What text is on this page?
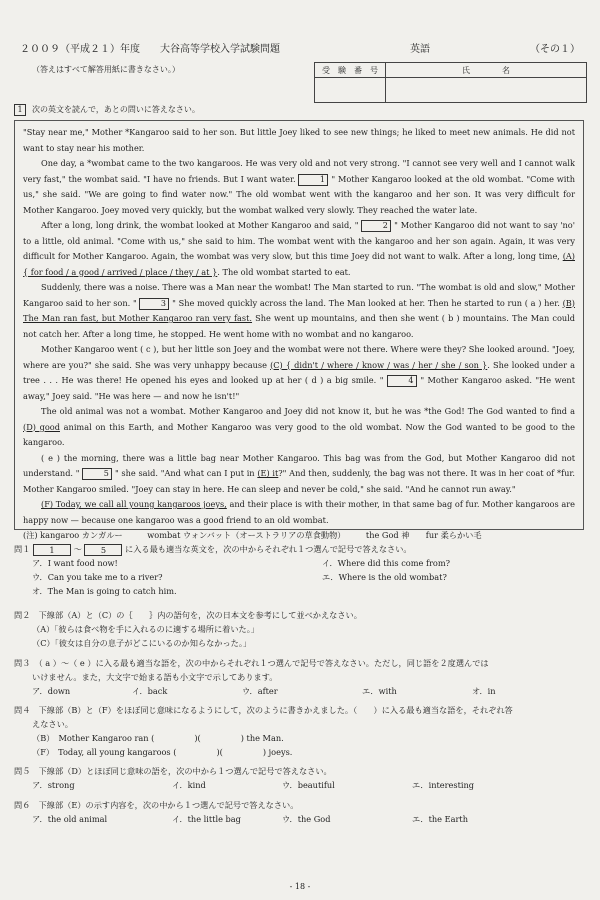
２００９（平成２１）年度 大谷高等学校入学試験問題	英語	（その１）
（答えはすべて解答用紙に書きなさい。）	受　験　番　号	氏　　　　名

1	次の英文を読んで，あとの問いに答えなさい。

"Stay near me," Mother *Kangaroo said to her son. But little Joey liked to see new things; he liked to meet new animals. He did not want to stay near his mother.

One day, a *wombat came to the two kangaroos. He was very old and not very strong. "I cannot see very well and I cannot walk very fast," the wombat said. "I have no friends. But I want water.	1 " Mother Kangaroo looked at the old wombat. "Come with us," she said. "We are going to find water now." The old wombat went with the kangaroo and her son. It was very difficult for Mother Kangaroo. Joey moved very quickly, but the wombat walked very slowly. They reached the water late.

After a long, long drink, the wombat looked at Mother Kangaroo and said, "	2 " Mother Kangaroo did not want to say 'no' to a little, old animal. "Come with us," she said to him. The wombat went with the kangaroo and her son again. Again, it was very difficult for Mother Kangaroo. Again, the wombat was very slow, but this time Joey did not want to walk. After a long, long time, (A) { for food / a good / arrived / place / they / at }. The old wombat started to eat.

Suddenly, there was a noise. There was a Man near the wombat! The Man started to run. "The wombat is old and slow," Mother Kangaroo said to her son. "	3 " She moved quickly across the land. The Man looked at her. Then he started to run ( a ) her. (B) The Man ran fast, but Mother Kangaroo ran very fast. She went up mountains, and then she went ( b ) mountains. The Man could not catch her. After a long time, he stopped. He went home with no wombat and no kangaroo.

Mother Kangaroo went ( c ), but her little son Joey and the wombat were not there. Where were they? She looked around. "Joey, where are you?" she said. She was very unhappy because (C) { didn't / where / know / was / her / she / son }. She looked under a tree . . . He was there! He opened his eyes and looked up at her ( d ) a big smile. "	4 " Mother Kangaroo asked. "He went away," Joey said. "He was here — and now he isn't!"

The old animal was not a wombat. Mother Kangaroo and Joey did not know it, but he was *the God! The God wanted to find a (D) good animal on this Earth, and Mother Kangaroo was very good to the old wombat. Now the God wanted to be good to the kangaroo.

( e ) the morning, there was a little bag near Mother Kangaroo. This bag was from the God, but Mother Kangaroo did not understand. "	5 " she said. "And what can I put in (E) it?" And then, suddenly, the bag was not there. It was in her coat of *fur. Mother Kangaroo smiled. "Joey can stay in here. He can sleep and never be cold," she said. "And he cannot run away."

(F) Today, we call all young kangaroos joeys, and their place is with their mother, in that same bag of fur. Mother kangaroos are happy now — because one kangaroo was a good friend to an old wombat.

(注) kangaroo カンガルー　　　wombat ウォンバット（オーストラリアの草食動物）　　　the God 神　　fur 柔らかい毛

問１ 1 〜 5 に入る最も適当な英文を，次の中からそれぞれ１つ選んで記号で答えなさい。
ア．I want food now!	イ．Where did this come from?
ウ．Can you take me to a river?	エ．Where is the old wombat?
オ．The Man is going to catch him.
問２　 下線部（A）と（C）の｛　　｝内の語句を，次の日本文を参考にして並べかえなさい。
（A）「彼らは食べ物を手に入れるのに適する場所に着いた。」
（C）「彼女は自分の息子がどこにいるのか知らなかった。」
問３　 （ a ）〜（ e ）に入る最も適当な語を，次の中からそれぞれ１つ選んで記号で答えなさい。ただし，同じ語を２度選んでは
いけません。また，大文字で始まる語も小文字で示してあります。
ア．down	イ．back	ウ．after	エ．with	オ．in
問４　 下線部（B）と（F）をほぼ同じ意味になるようにして，次のように書きかえました。（　　）に入る最も適当な語を，それぞれ答
えなさい。
（B）　Mother Kangaroo ran (	)(	) the Man.
（F）　Today, all young kangaroos (	)(	) joeys.
問５　 下線部（D）とほぼ同じ意味の語を，次の中から１つ選んで記号で答えなさい。
ア．strong	イ．kind	ウ．beautiful	エ．interesting
問６　 下線部（E）の示す内容を，次の中から１つ選んで記号で答えなさい。
ア．the old animal	イ．the little bag	ウ．the God	エ．the Earth
- 18 -
